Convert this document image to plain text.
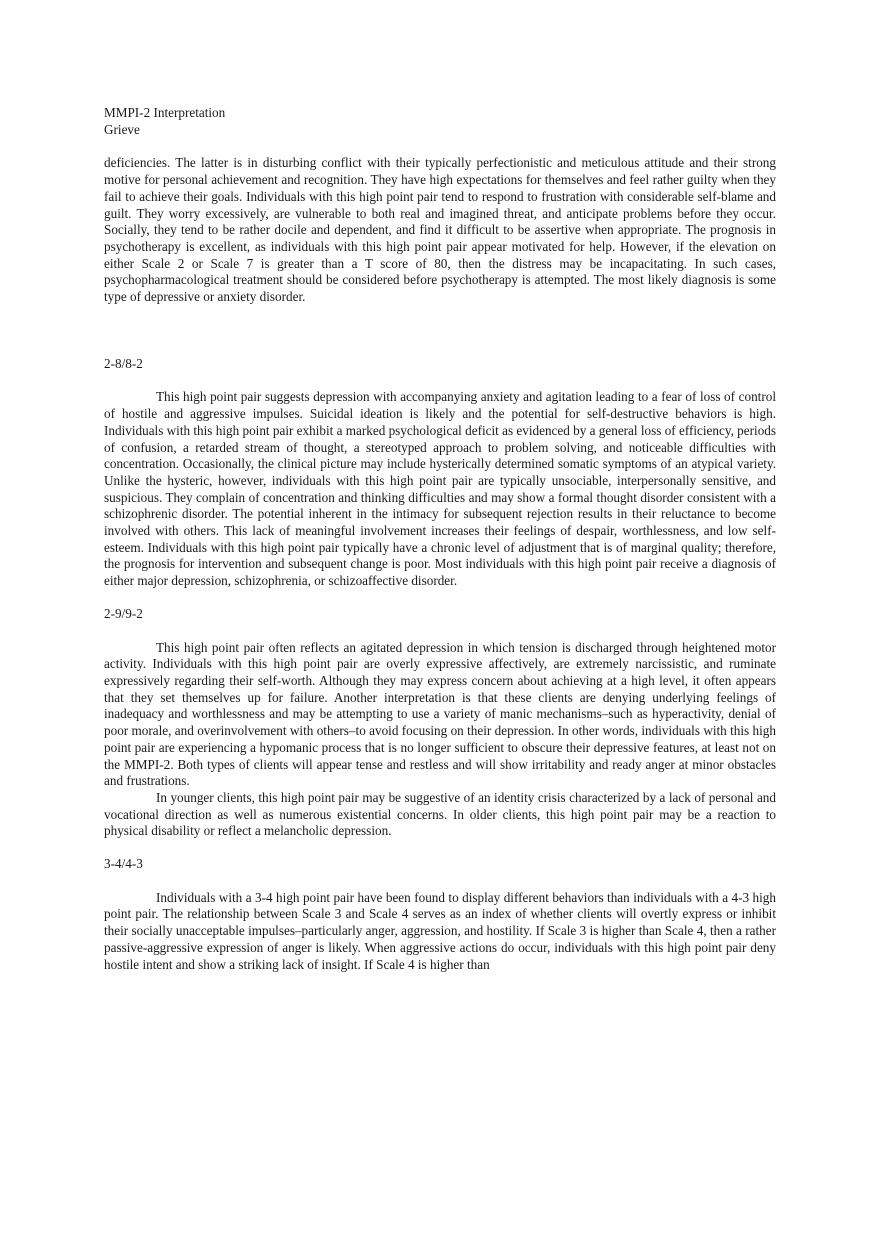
MMPI-2 Interpretation
Grieve

deficiencies. The latter is in disturbing conflict with their typically perfectionistic and meticulous attitude and their strong motive for personal achievement and recognition. They have high expectations for themselves and feel rather guilty when they fail to achieve their goals. Individuals with this high point pair tend to respond to frustration with considerable self-blame and guilt. They worry excessively, are vulnerable to both real and imagined threat, and anticipate problems before they occur. Socially, they tend to be rather docile and dependent, and find it difficult to be assertive when appropriate. The prognosis in psychotherapy is excellent, as individuals with this high point pair appear motivated for help. However, if the elevation on either Scale 2 or Scale 7 is greater than a T score of 80, then the distress may be incapacitating. In such cases, psychopharmacological treatment should be considered before psychotherapy is attempted. The most likely diagnosis is some type of depressive or anxiety disorder.

2-8/8-2

This high point pair suggests depression with accompanying anxiety and agitation leading to a fear of loss of control of hostile and aggressive impulses. Suicidal ideation is likely and the potential for self-destructive behaviors is high. Individuals with this high point pair exhibit a marked psychological deficit as evidenced by a general loss of efficiency, periods of confusion, a retarded stream of thought, a stereotyped approach to problem solving, and noticeable difficulties with concentration. Occasionally, the clinical picture may include hysterically determined somatic symptoms of an atypical variety. Unlike the hysteric, however, individuals with this high point pair are typically unsociable, interpersonally sensitive, and suspicious. They complain of concentration and thinking difficulties and may show a formal thought disorder consistent with a schizophrenic disorder. The potential inherent in the intimacy for subsequent rejection results in their reluctance to become involved with others. This lack of meaningful involvement increases their feelings of despair, worthlessness, and low self-esteem. Individuals with this high point pair typically have a chronic level of adjustment that is of marginal quality; therefore, the prognosis for intervention and subsequent change is poor. Most individuals with this high point pair receive a diagnosis of either major depression, schizophrenia, or schizoaffective disorder.

2-9/9-2

This high point pair often reflects an agitated depression in which tension is discharged through heightened motor activity. Individuals with this high point pair are overly expressive affectively, are extremely narcissistic, and ruminate expressively regarding their self-worth. Although they may express concern about achieving at a high level, it often appears that they set themselves up for failure. Another interpretation is that these clients are denying underlying feelings of inadequacy and worthlessness and may be attempting to use a variety of manic mechanisms–such as hyperactivity, denial of poor morale, and overinvolvement with others–to avoid focusing on their depression. In other words, individuals with this high point pair are experiencing a hypomanic process that is no longer sufficient to obscure their depressive features, at least not on the MMPI-2. Both types of clients will appear tense and restless and will show irritability and ready anger at minor obstacles and frustrations.

In younger clients, this high point pair may be suggestive of an identity crisis characterized by a lack of personal and vocational direction as well as numerous existential concerns. In older clients, this high point pair may be a reaction to physical disability or reflect a melancholic depression.

3-4/4-3

Individuals with a 3-4 high point pair have been found to display different behaviors than individuals with a 4-3 high point pair. The relationship between Scale 3 and Scale 4 serves as an index of whether clients will overtly express or inhibit their socially unacceptable impulses–particularly anger, aggression, and hostility. If Scale 3 is higher than Scale 4, then a rather passive-aggressive expression of anger is likely. When aggressive actions do occur, individuals with this high point pair deny hostile intent and show a striking lack of insight. If Scale 4 is higher than
